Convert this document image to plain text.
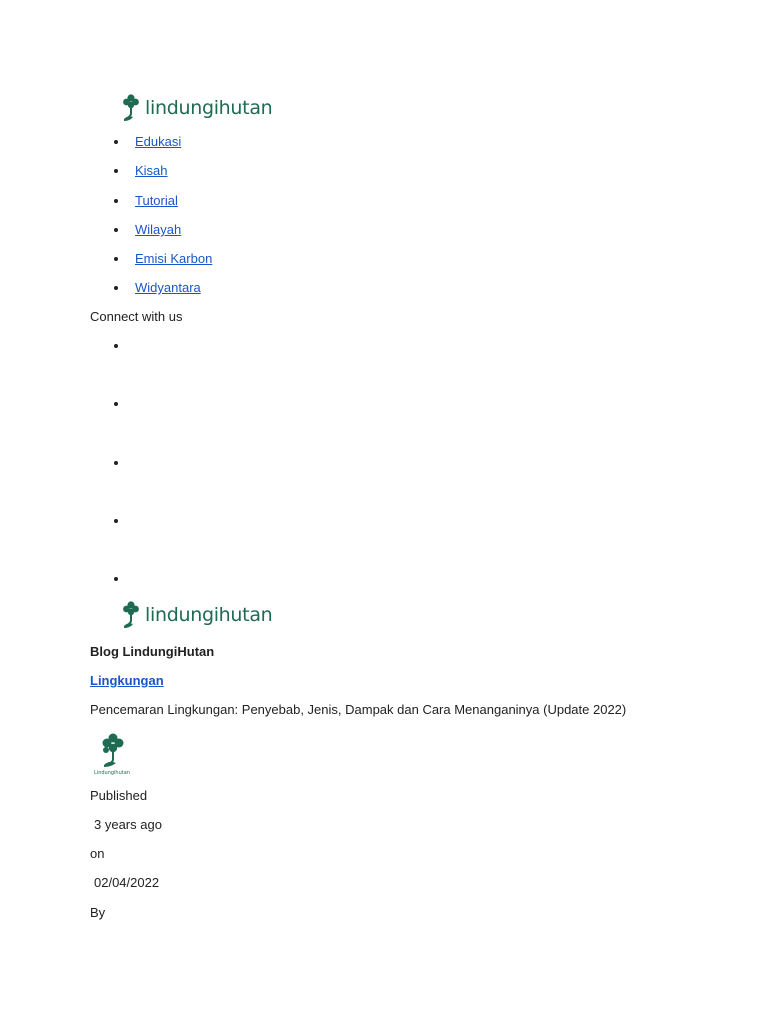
lindungihutan
Edukasi
Kisah
Tutorial
Wilayah
Emisi Karbon
Widyantara
Connect with us
lindungihutan
Blog LindungiHutan
Lingkungan
Pencemaran Lingkungan: Penyebab, Jenis, Dampak dan Cara Menanganinya (Update 2022)
Lindungihutan
Published
3 years ago
on
02/04/2022
By
